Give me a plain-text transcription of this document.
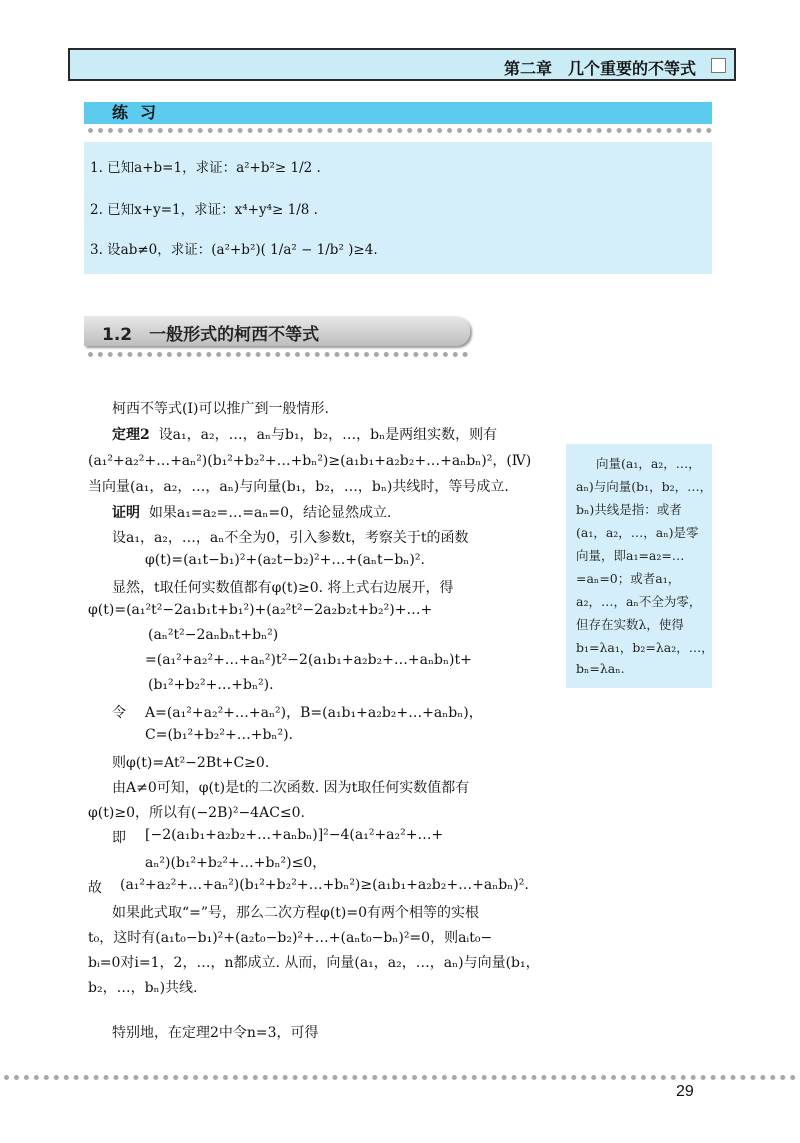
第二章　几个重要的不等式
练习
1. 已知a+b=1，求证：a²+b²≥ 1/2 .
2. 已知x+y=1，求证：x⁴+y⁴≥ 1/8 .
3. 设ab≠0，求证：(a²+b²)( 1/a² − 1/b² )≥4.
1.2　一般形式的柯西不等式
柯西不等式(Ⅰ)可以推广到一般情形.
定理2 设a₁，a₂，…，aₙ与b₁，b₂，…，bₙ是两组实数，则有
(a₁²+a₂²+…+aₙ²)(b₁²+b₂²+…+bₙ²)≥(a₁b₁+a₂b₂+…+aₙbₙ)²，(Ⅳ)
当向量(a₁，a₂，…，aₙ)与向量(b₁，b₂，…，bₙ)共线时，等号成立.
证明 如果a₁=a₂=…=aₙ=0，结论显然成立.
设a₁，a₂，…，aₙ不全为0，引入参数t，考察关于t的函数
φ(t)=(a₁t−b₁)²+(a₂t−b₂)²+…+(aₙt−bₙ)².
显然，t取任何实数值都有φ(t)≥0. 将上式右边展开，得
φ(t)=(a₁²t²−2a₁b₁t+b₁²)+(a₂²t²−2a₂b₂t+b₂²)+…+
(aₙ²t²−2aₙbₙt+bₙ²)
=(a₁²+a₂²+…+aₙ²)t²−2(a₁b₁+a₂b₂+…+aₙbₙ)t+
(b₁²+b₂²+…+bₙ²).
令 A=(a₁²+a₂²+…+aₙ²)，B=(a₁b₁+a₂b₂+…+aₙbₙ)，
C=(b₁²+b₂²+…+bₙ²).
则φ(t)=At²−2Bt+C≥0.
由A≠0可知，φ(t)是t的二次函数. 因为t取任何实数值都有
φ(t)≥0，所以有(−2B)²−4AC≤0.
即 [−2(a₁b₁+a₂b₂+…+aₙbₙ)]²−4(a₁²+a₂²+…+
aₙ²)(b₁²+b₂²+…+bₙ²)≤0，
故 (a₁²+a₂²+…+aₙ²)(b₁²+b₂²+…+bₙ²)≥(a₁b₁+a₂b₂+…+aₙbₙ)².
如果此式取“=”号，那么二次方程φ(t)=0有两个相等的实根
t₀，这时有(a₁t₀−b₁)²+(a₂t₀−b₂)²+…+(aₙt₀−bₙ)²=0，则aᵢt₀−
bᵢ=0对i=1，2，…，n都成立. 从而，向量(a₁，a₂，…，aₙ)与向量(b₁，
b₂，…，bₙ)共线.
特别地，在定理2中令n=3，可得
向量(a₁，a₂，…，
aₙ)与向量(b₁，b₂，…，
bₙ)共线是指：或者
(a₁，a₂，…，aₙ)是零
向量，即a₁=a₂=…
=aₙ=0；或者a₁，
a₂，…，aₙ不全为零，
但存在实数λ，使得
b₁=λa₁，b₂=λa₂，…，
bₙ=λaₙ.
29
